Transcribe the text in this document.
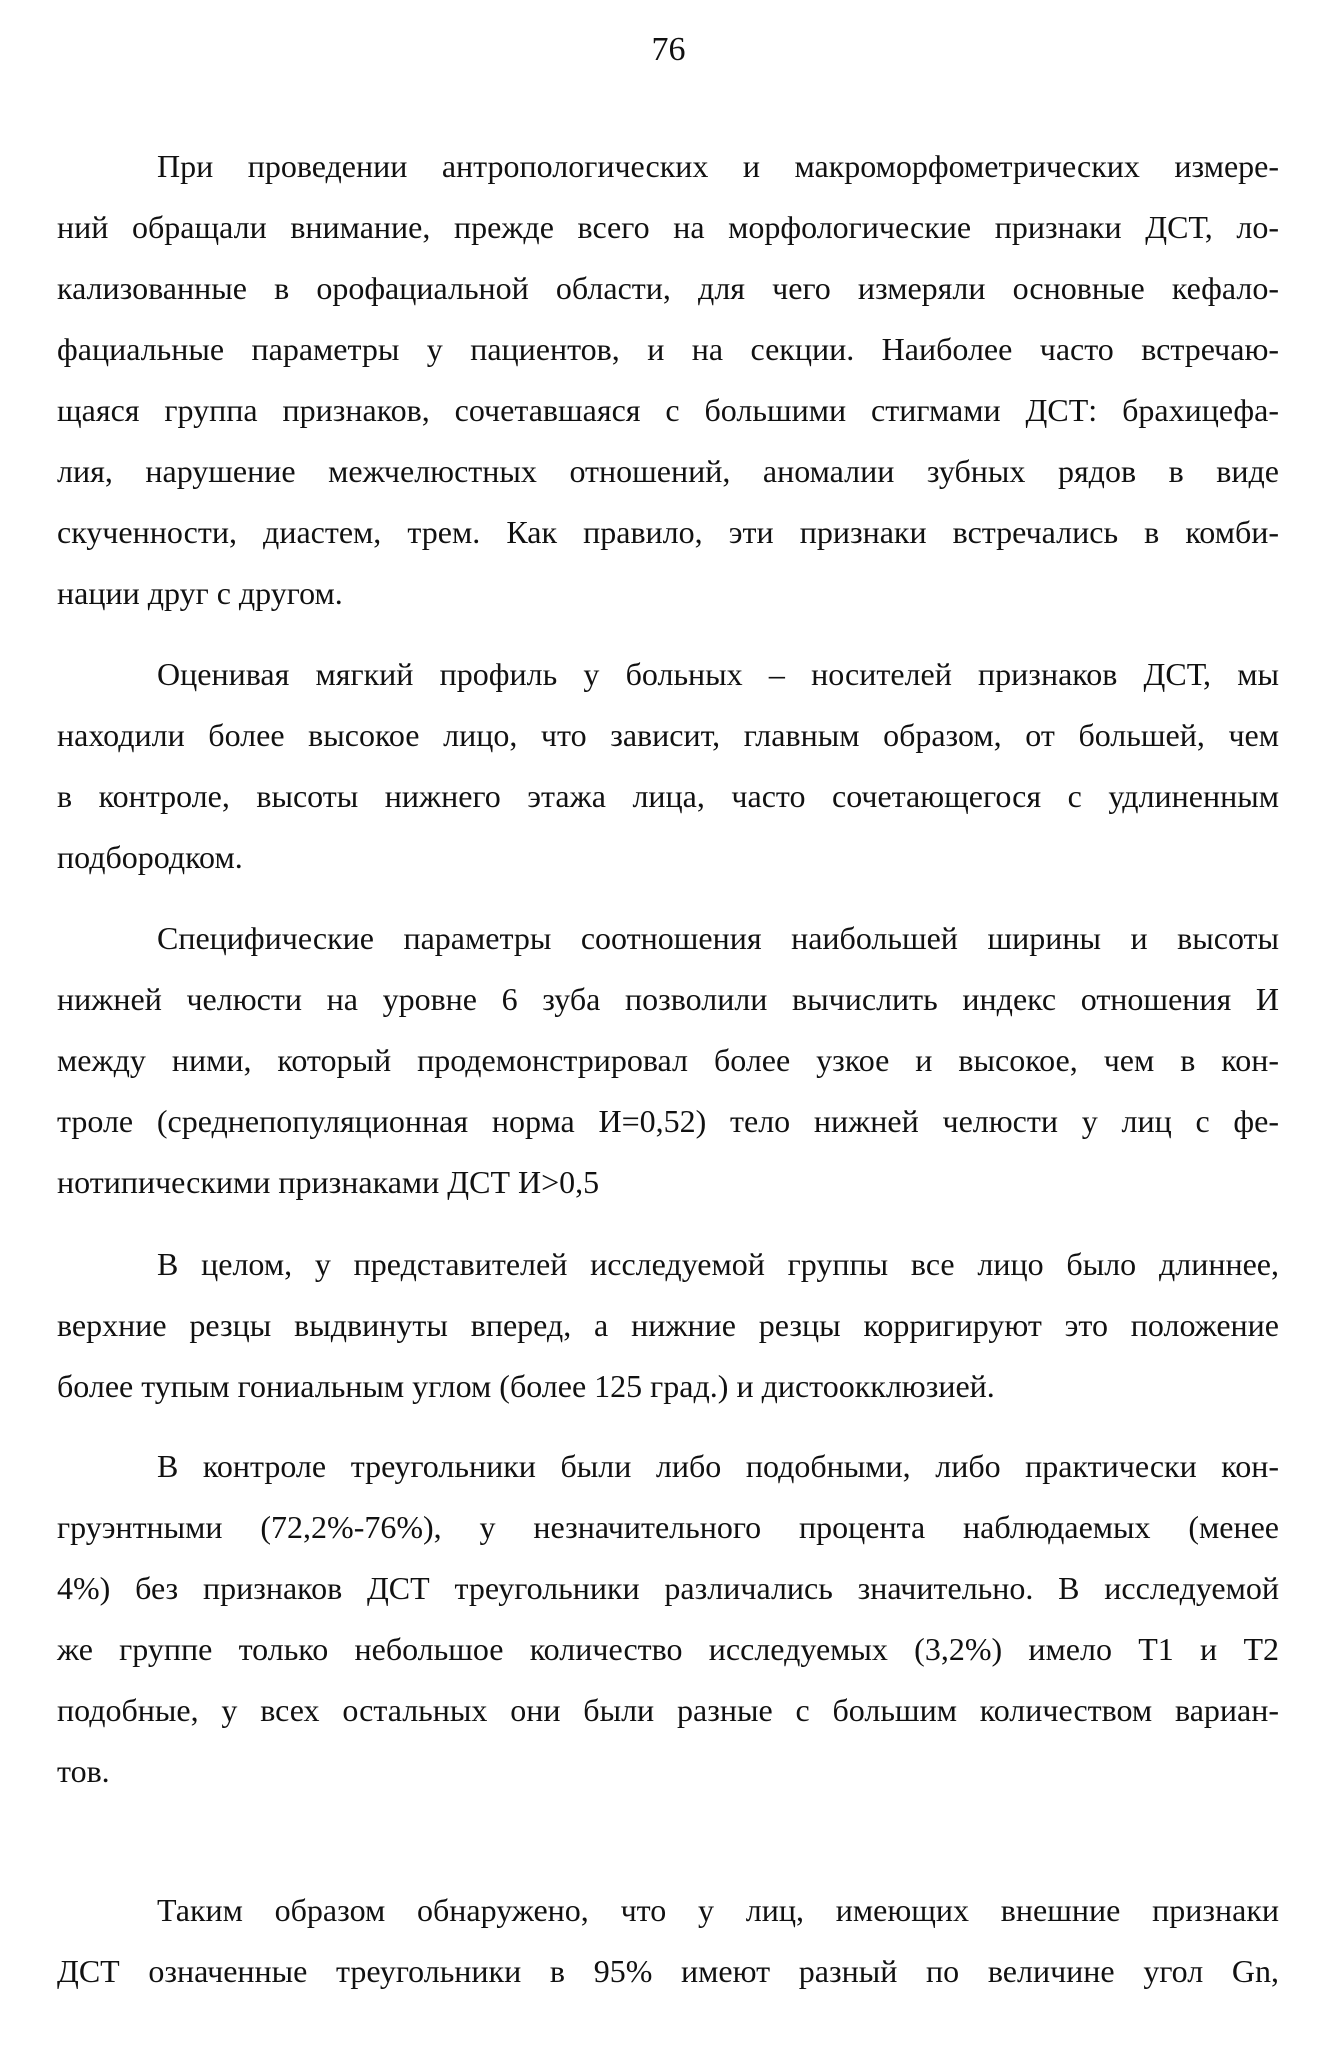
76
При проведении антропологических и макроморфометрических измере-
ний обращали внимание, прежде всего на морфологические признаки ДСТ, ло-
кализованные в орофациальной области, для чего измеряли основные кефало-
фациальные параметры у пациентов, и на секции. Наиболее часто встречаю-
щаяся группа признаков, сочетавшаяся с большими стигмами ДСТ: брахицефа-
лия, нарушение межчелюстных отношений, аномалии зубных рядов в виде
скученности, диастем, трем. Как правило, эти признаки встречались в комби-
нации друг с другом.
Оценивая мягкий профиль у больных – носителей признаков ДСТ, мы
находили более высокое лицо, что зависит, главным образом, от большей, чем
в контроле, высоты нижнего этажа лица, часто сочетающегося с удлиненным
подбородком.
Специфические параметры соотношения наибольшей ширины и высоты
нижней челюсти на уровне 6 зуба позволили вычислить индекс отношения И
между ними, который продемонстрировал более узкое и высокое, чем в кон-
троле (среднепопуляционная норма И=0,52) тело нижней челюсти у лиц с фе-
нотипическими признаками ДСТ И>0,5
В целом, у представителей исследуемой группы все лицо было длиннее,
верхние резцы выдвинуты вперед, а нижние резцы корригируют это положение
более тупым гониальным углом (более 125 град.) и дистоокклюзией.
В контроле треугольники были либо подобными, либо практически кон-
груэнтными (72,2%-76%), у незначительного процента наблюдаемых (менее
4%) без признаков ДСТ треугольники различались значительно. В исследуемой
же группе только небольшое количество исследуемых (3,2%) имело Т1 и Т2
подобные, у всех остальных они были разные с большим количеством вариан-
тов.
Таким образом обнаружено, что у лиц, имеющих внешние признаки
ДСТ означенные треугольники в 95% имеют разный по величине угол Gn,
